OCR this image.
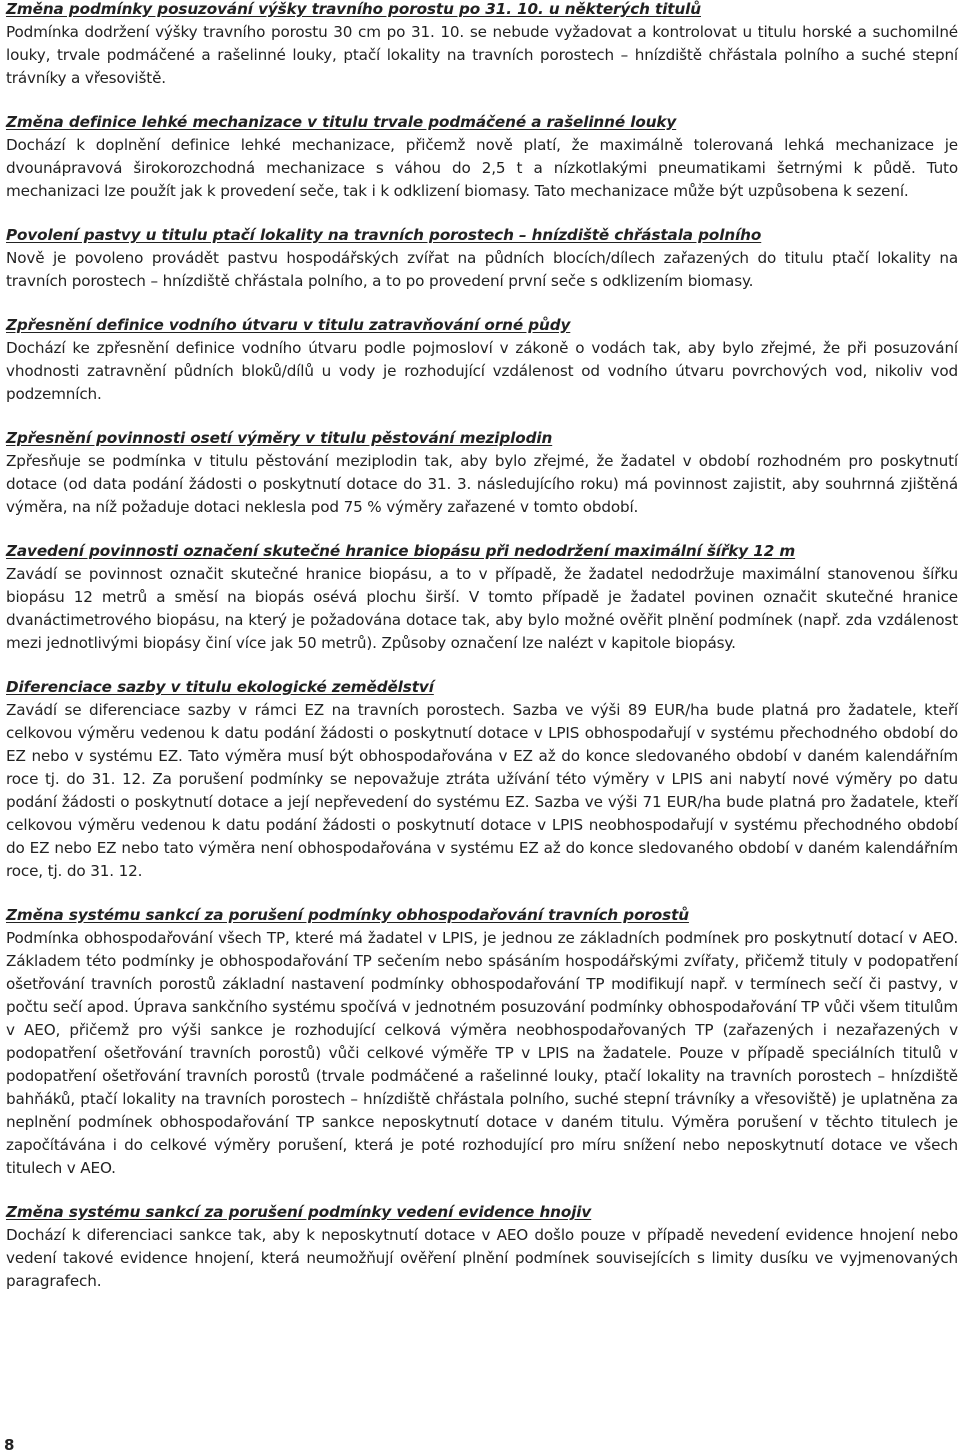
Změna podmínky posuzování výšky travního porostu po 31. 10. u některých titulů

Podmínka dodržení výšky travního porostu 30 cm po 31. 10. se nebude vyžadovat a kontrolovat u titulu horské a suchomilné louky, trvale podmáčené a rašelinné louky, ptačí lokality na travních porostech – hnízdiště chřástala polního a suché stepní trávníky a vřesoviště.

Změna definice lehké mechanizace v titulu trvale podmáčené a rašelinné louky

Dochází k doplnění definice lehké mechanizace, přičemž nově platí, že maximálně tolerovaná lehká mechanizace je dvounápravová širokorozchodná mechanizace s váhou do 2,5 t a nízkotlakými pneumatikami šetrnými k půdě. Tuto mechanizaci lze použít jak k provedení seče, tak i k odklizení biomasy. Tato mechanizace může být uzpůsobena k sezení.

Povolení pastvy u titulu ptačí lokality na travních porostech – hnízdiště chřástala polního

Nově je povoleno provádět pastvu hospodářských zvířat na půdních blocích/dílech zařazených do titulu ptačí lokality na travních porostech – hnízdiště chřástala polního, a to po provedení první seče s odklizením biomasy.

Zpřesnění definice vodního útvaru v titulu zatravňování orné půdy

Dochází ke zpřesnění definice vodního útvaru podle pojmosloví v zákoně o vodách tak, aby bylo zřejmé, že při posuzování vhodnosti zatravnění půdních bloků/dílů u vody je rozhodující vzdálenost od vodního útvaru povrchových vod, nikoliv vod podzemních.

Zpřesnění povinnosti osetí výměry v titulu pěstování meziplodin

Zpřesňuje se podmínka v titulu pěstování meziplodin tak, aby bylo zřejmé, že žadatel v období rozhodném pro poskytnutí dotace (od data podání žádosti o poskytnutí dotace do 31. 3. následujícího roku) má povinnost zajistit, aby souhrnná zjištěná výměra, na níž požaduje dotaci neklesla pod 75 % výměry zařazené v tomto období.

Zavedení povinnosti označení skutečné hranice biopásu při nedodržení maximální šířky 12 m

Zavádí se povinnost označit skutečné hranice biopásu, a to v případě, že žadatel nedodržuje maximální stanovenou šířku biopásu 12 metrů a směsí na biopás osévá plochu širší. V tomto případě je žadatel povinen označit skutečné hranice dvanáctimetrového biopásu, na který je požadována dotace tak, aby bylo možné ověřit plnění podmínek (např. zda vzdálenost mezi jednotlivými biopásy činí více jak 50 metrů). Způsoby označení lze nalézt v kapitole biopásy.

Diferenciace sazby v titulu ekologické zemědělství

Zavádí se diferenciace sazby v rámci EZ na travních porostech. Sazba ve výši 89 EUR/ha bude platná pro žadatele, kteří celkovou výměru vedenou k datu podání žádosti o poskytnutí dotace v LPIS obhospodařují v systému přechodného období do EZ nebo v systému EZ. Tato výměra musí být obhospodařována v EZ až do konce sledovaného období v daném kalendářním roce tj. do 31. 12. Za porušení podmínky se nepovažuje ztráta užívání této výměry v LPIS ani nabytí nové výměry po datu podání žádosti o poskytnutí dotace a její nepřevedení do systému EZ. Sazba ve výši 71 EUR/ha bude platná pro žadatele, kteří celkovou výměru vedenou k datu podání žádosti o poskytnutí dotace v LPIS neobhospodařují v systému přechodného období do EZ nebo EZ nebo tato výměra není obhospodařována v systému EZ až do konce sledovaného období v daném kalendářním roce, tj. do 31. 12.

Změna systému sankcí za porušení podmínky obhospodařování travních porostů

Podmínka obhospodařování všech TP, které má žadatel v LPIS, je jednou ze základních podmínek pro poskytnutí dotací v AEO. Základem této podmínky je obhospodařování TP sečením nebo spásáním hospodářskými zvířaty, přičemž tituly v podopatření ošetřování travních porostů základní nastavení podmínky obhospodařování TP modifikují např. v termínech sečí či pastvy, v počtu sečí apod. Úprava sankčního systému spočívá v jednotném posuzování podmínky obhospodařování TP vůči všem titulům v AEO, přičemž pro výši sankce je rozhodující celková výměra neobhospodařovaných TP (zařazených i nezařazených v podopatření ošetřování travních porostů) vůči celkové výměře TP v LPIS na žadatele. Pouze v případě speciálních titulů v podopatření ošetřování travních porostů (trvale podmáčené a rašelinné louky, ptačí lokality na travních porostech – hnízdiště bahňáků, ptačí lokality na travních porostech – hnízdiště chřástala polního, suché stepní trávníky a vřesoviště) je uplatněna za neplnění podmínek obhospodařování TP sankce neposkytnutí dotace v daném titulu. Výměra porušení v těchto titulech je započítávána i do celkové výměry porušení, která je poté rozhodující pro míru snížení nebo neposkytnutí dotace ve všech titulech v AEO.

Změna systému sankcí za porušení podmínky vedení evidence hnojiv

Dochází k diferenciaci sankce tak, aby k neposkytnutí dotace v AEO došlo pouze v případě nevedení evidence hnojení nebo vedení takové evidence hnojení, která neumožňují ověření plnění podmínek souvisejících s limity dusíku ve vyjmenovaných paragrafech.

8
